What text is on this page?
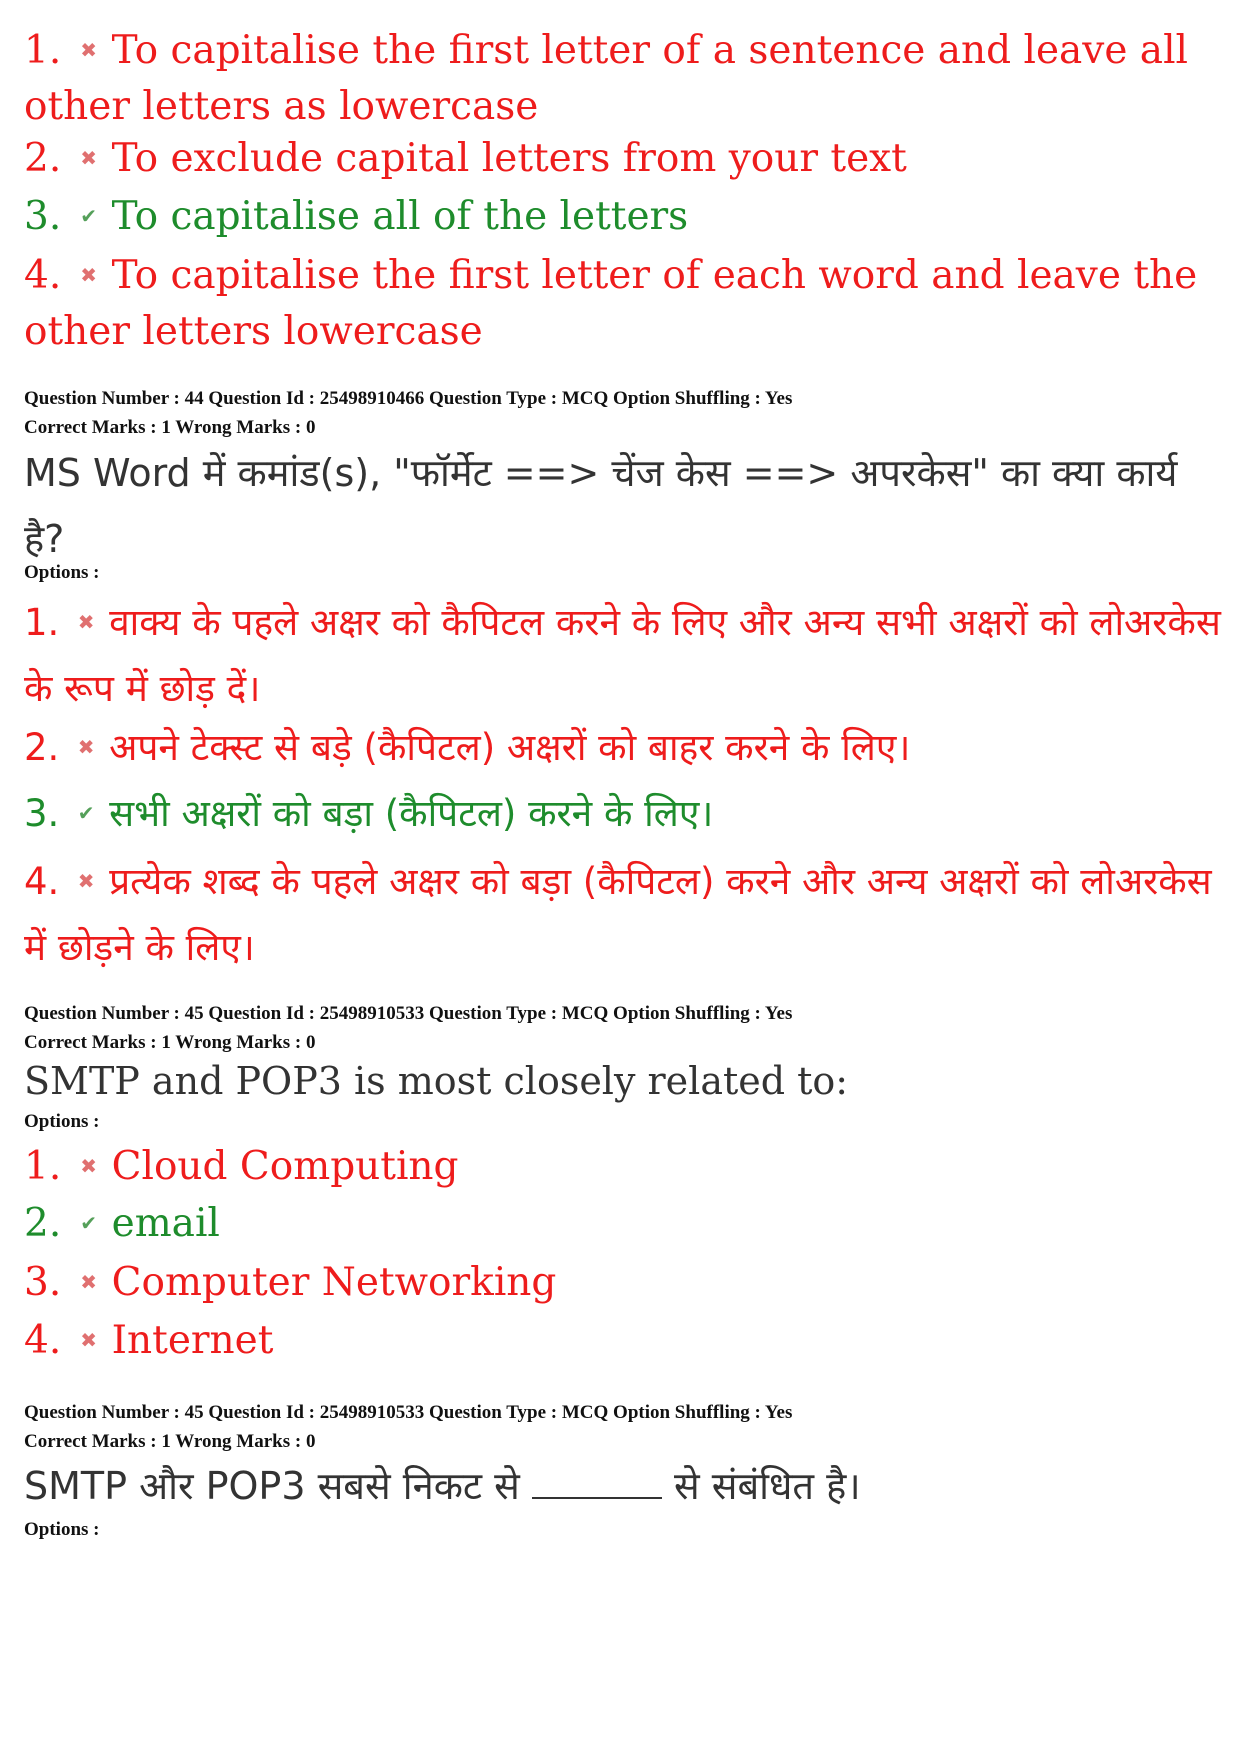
1. ✖ To capitalise the first letter of a sentence and leave all other letters as lowercase
2. ✖ To exclude capital letters from your text
3. ✔ To capitalise all of the letters
4. ✖ To capitalise the first letter of each word and leave the other letters lowercase
Question Number : 44 Question Id : 25498910466 Question Type : MCQ Option Shuffling : Yes
Correct Marks : 1 Wrong Marks : 0
MS Word में कमांड(s), "फॉर्मेट ==> चेंज केस ==> अपरकेस" का क्या कार्य है?
Options :
1. ✖ वाक्य के पहले अक्षर को कैपिटल करने के लिए और अन्य सभी अक्षरों को लोअरकेस के रूप में छोड़ दें।
2. ✖ अपने टेक्स्ट से बड़े (कैपिटल) अक्षरों को बाहर करने के लिए।
3. ✔ सभी अक्षरों को बड़ा (कैपिटल) करने के लिए।
4. ✖ प्रत्येक शब्द के पहले अक्षर को बड़ा (कैपिटल) करने और अन्य अक्षरों को लोअरकेस में छोड़ने के लिए।
Question Number : 45 Question Id : 25498910533 Question Type : MCQ Option Shuffling : Yes
Correct Marks : 1 Wrong Marks : 0
SMTP and POP3 is most closely related to:
Options :
1. ✖ Cloud Computing
2. ✔ email
3. ✖ Computer Networking
4. ✖ Internet
Question Number : 45 Question Id : 25498910533 Question Type : MCQ Option Shuffling : Yes
Correct Marks : 1 Wrong Marks : 0
SMTP और POP3 सबसे निकट से	से संबंधित है।
Options :
